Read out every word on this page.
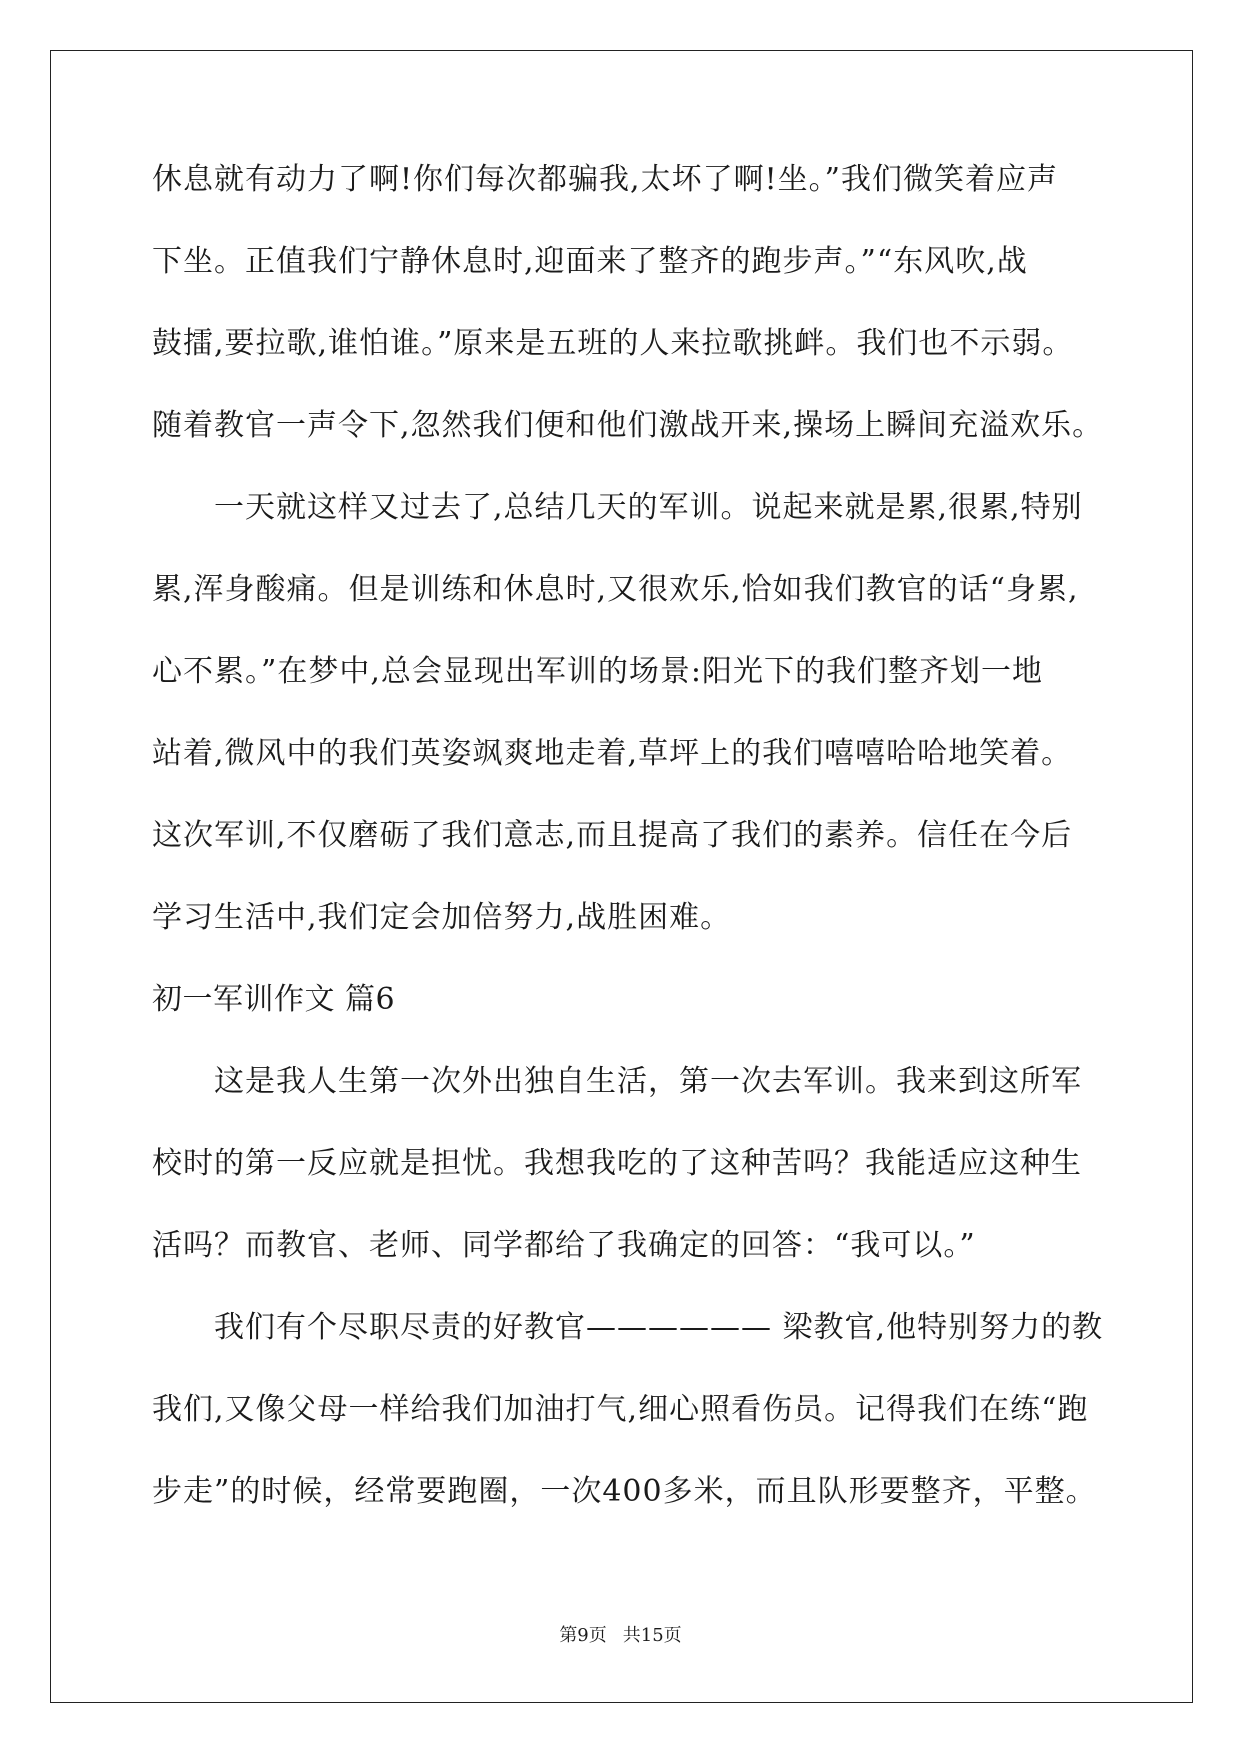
休息就有动力了啊!你们每次都骗我,太坏了啊!坐。”我们微笑着应声
下坐。正值我们宁静休息时,迎面来了整齐的跑步声。”“东风吹,战
鼓擂,要拉歌,谁怕谁。”原来是五班的人来拉歌挑衅。我们也不示弱。
随着教官一声令下,忽然我们便和他们激战开来,操场上瞬间充溢欢乐。
　　一天就这样又过去了,总结几天的军训。说起来就是累,很累,特别
累,浑身酸痛。但是训练和休息时,又很欢乐,恰如我们教官的话“身累,
心不累。”在梦中,总会显现出军训的场景:阳光下的我们整齐划一地
站着,微风中的我们英姿飒爽地走着,草坪上的我们嘻嘻哈哈地笑着。
这次军训,不仅磨砺了我们意志,而且提高了我们的素养。信任在今后
学习生活中,我们定会加倍努力,战胜困难。
初一军训作文 篇6
　　这是我人生第一次外出独自生活，第一次去军训。我来到这所军
校时的第一反应就是担忧。我想我吃的了这种苦吗？我能适应这种生
活吗？而教官、老师、同学都给了我确定的回答：“我可以。”
　　我们有个尽职尽责的好教官—————— 梁教官,他特别努力的教
我们,又像父母一样给我们加油打气,细心照看伤员。记得我们在练“跑
步走”的时候，经常要跑圈，一次400多米，而且队形要整齐，平整。
第9页 共15页
